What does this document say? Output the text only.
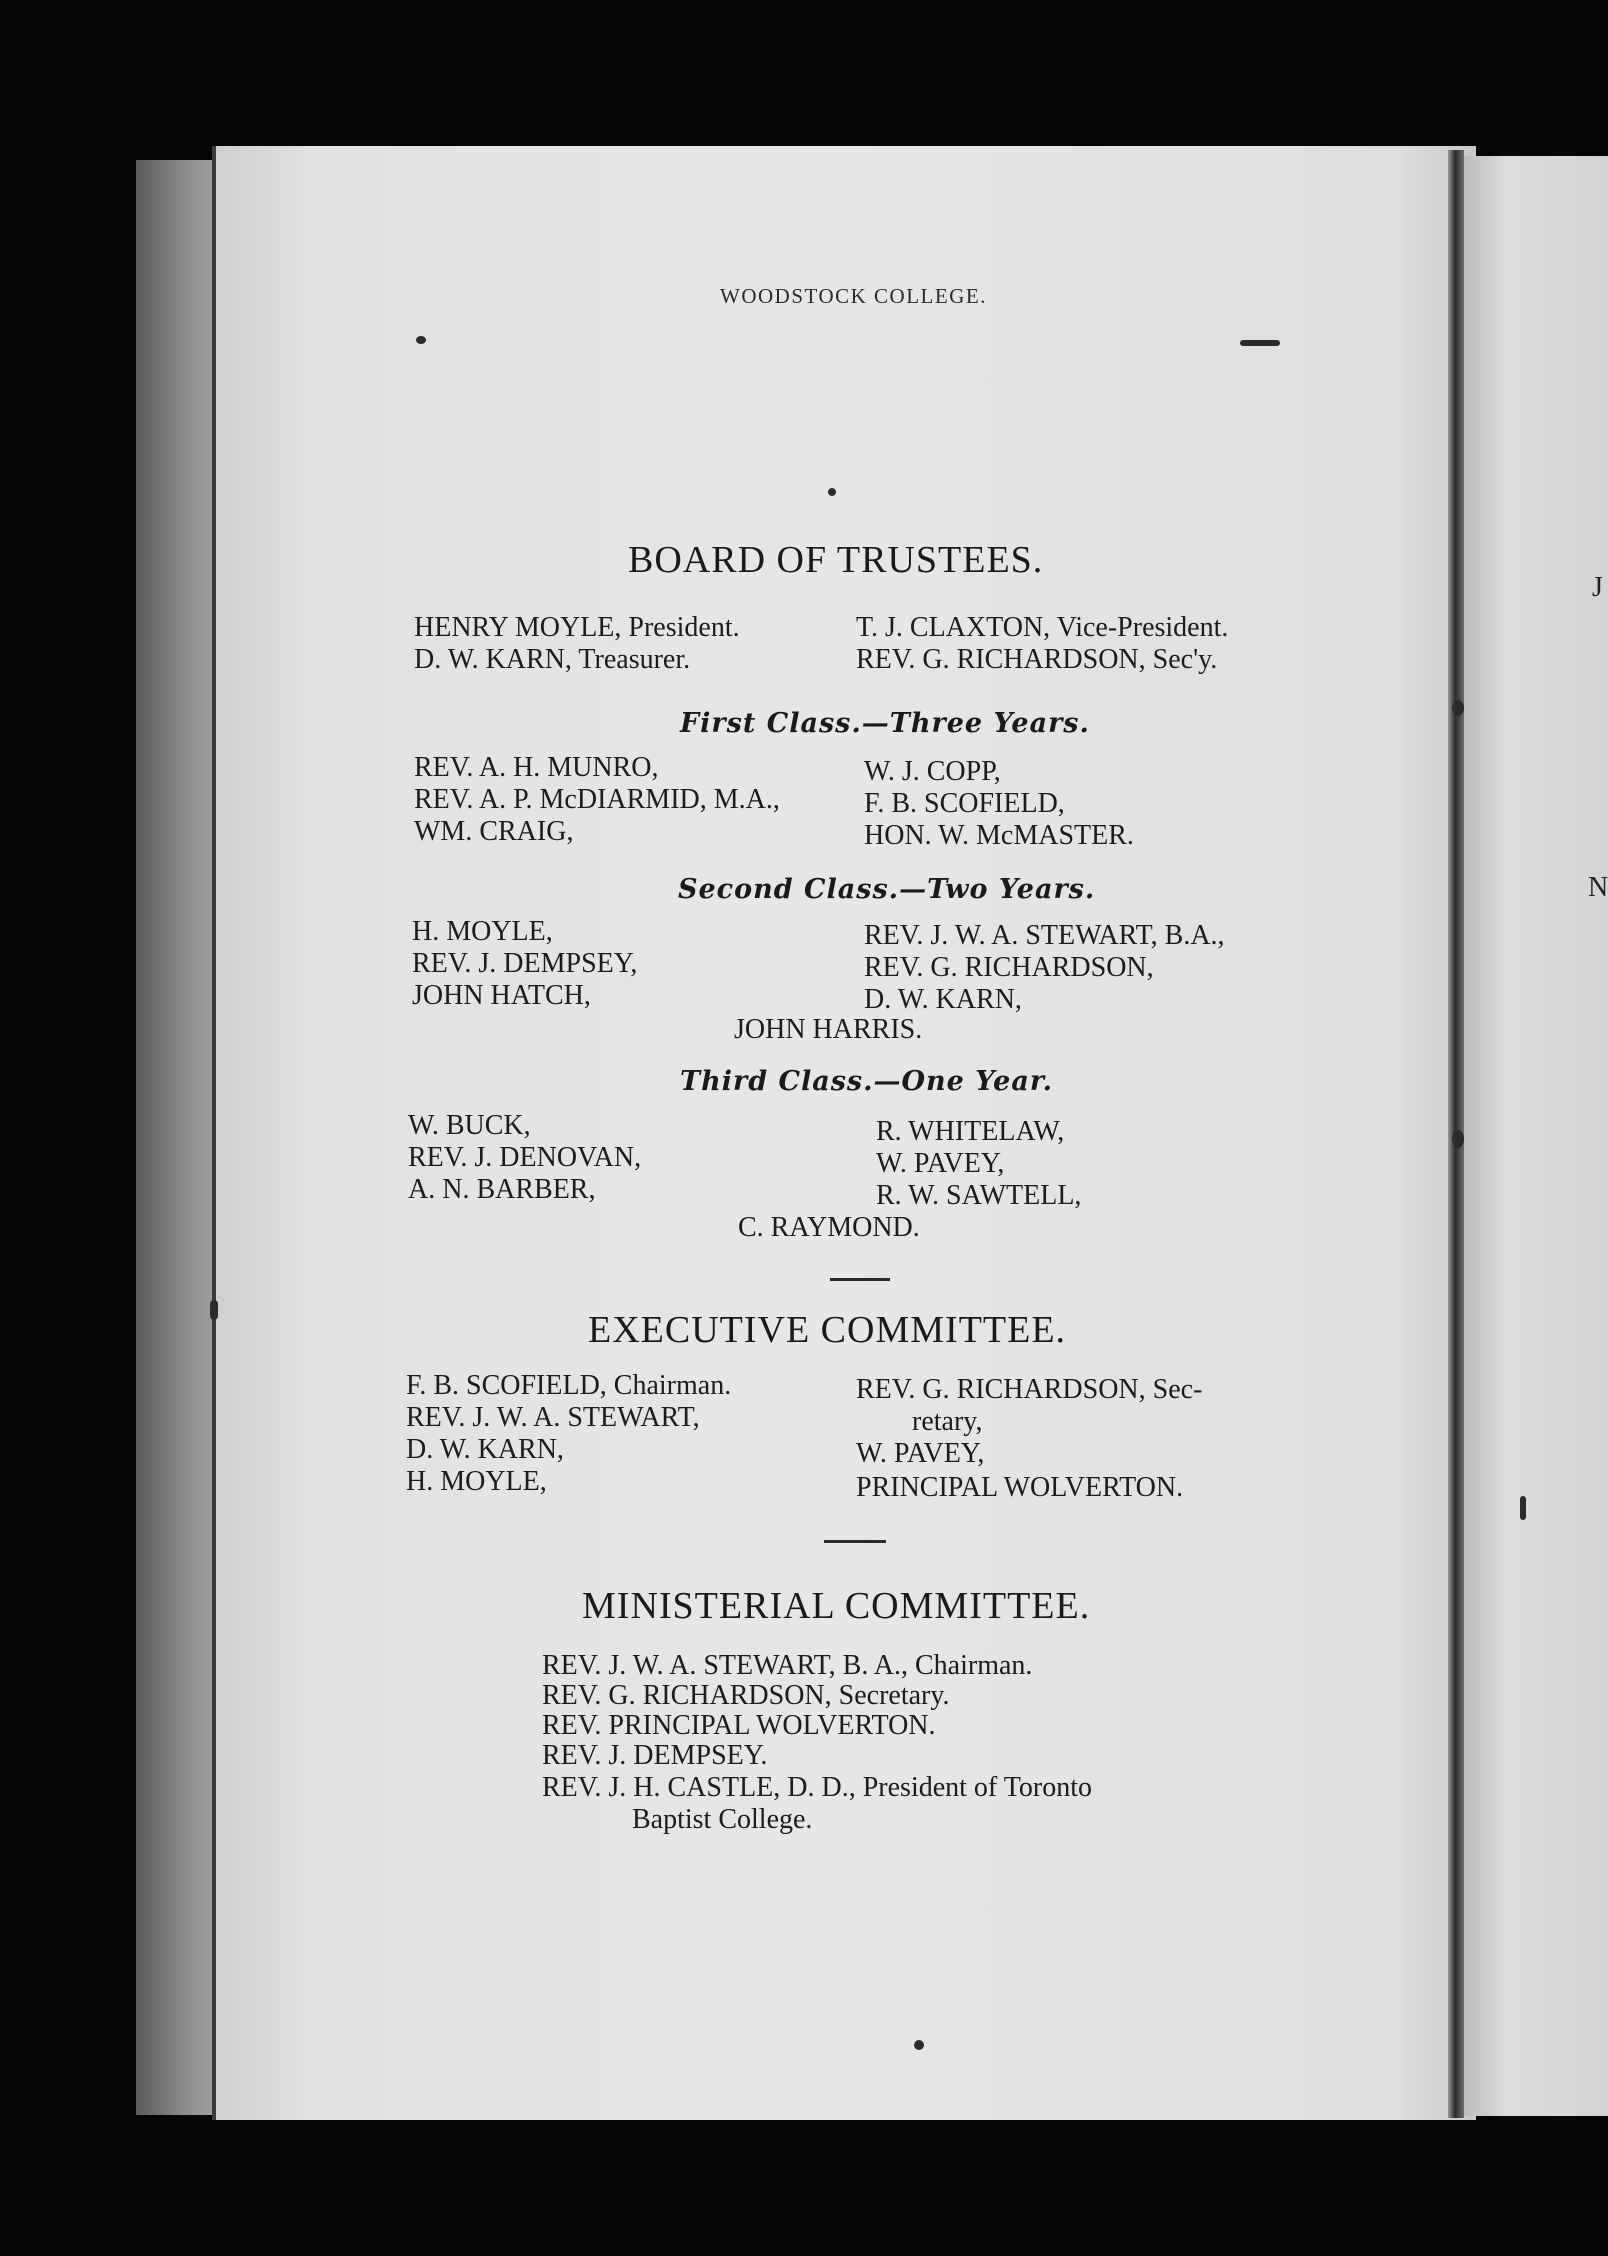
J
N
WOODSTOCK COLLEGE.
BOARD OF TRUSTEES.
HENRY MOYLE, President.
D. W. KARN, Treasurer.
T. J. CLAXTON, Vice-President.
REV. G. RICHARDSON, Sec'y.
First Class.—Three Years.
REV. A. H. MUNRO,
REV. A. P. McDIARMID, M.A.,
WM. CRAIG,
W. J. COPP,
F. B. SCOFIELD,
HON. W. McMASTER.
Second Class.—Two Years.
H. MOYLE,
REV. J. DEMPSEY,
JOHN HATCH,
REV. J. W. A. STEWART, B.A.,
REV. G. RICHARDSON,
D. W. KARN,
JOHN HARRIS.
Third Class.—One Year.
W. BUCK,
REV. J. DENOVAN,
A. N. BARBER,
R. WHITELAW,
W. PAVEY,
R. W. SAWTELL,
C. RAYMOND.
EXECUTIVE COMMITTEE.
F. B. SCOFIELD, Chairman.
REV. J. W. A. STEWART,
D. W. KARN,
H. MOYLE,
REV. G. RICHARDSON, Sec-
retary,
W. PAVEY,
PRINCIPAL WOLVERTON.
MINISTERIAL COMMITTEE.
REV. J. W. A. STEWART, B. A., Chairman.
REV. G. RICHARDSON, Secretary.
REV. PRINCIPAL WOLVERTON.
REV. J. DEMPSEY.
REV. J. H. CASTLE, D. D., President of Toronto
Baptist College.
